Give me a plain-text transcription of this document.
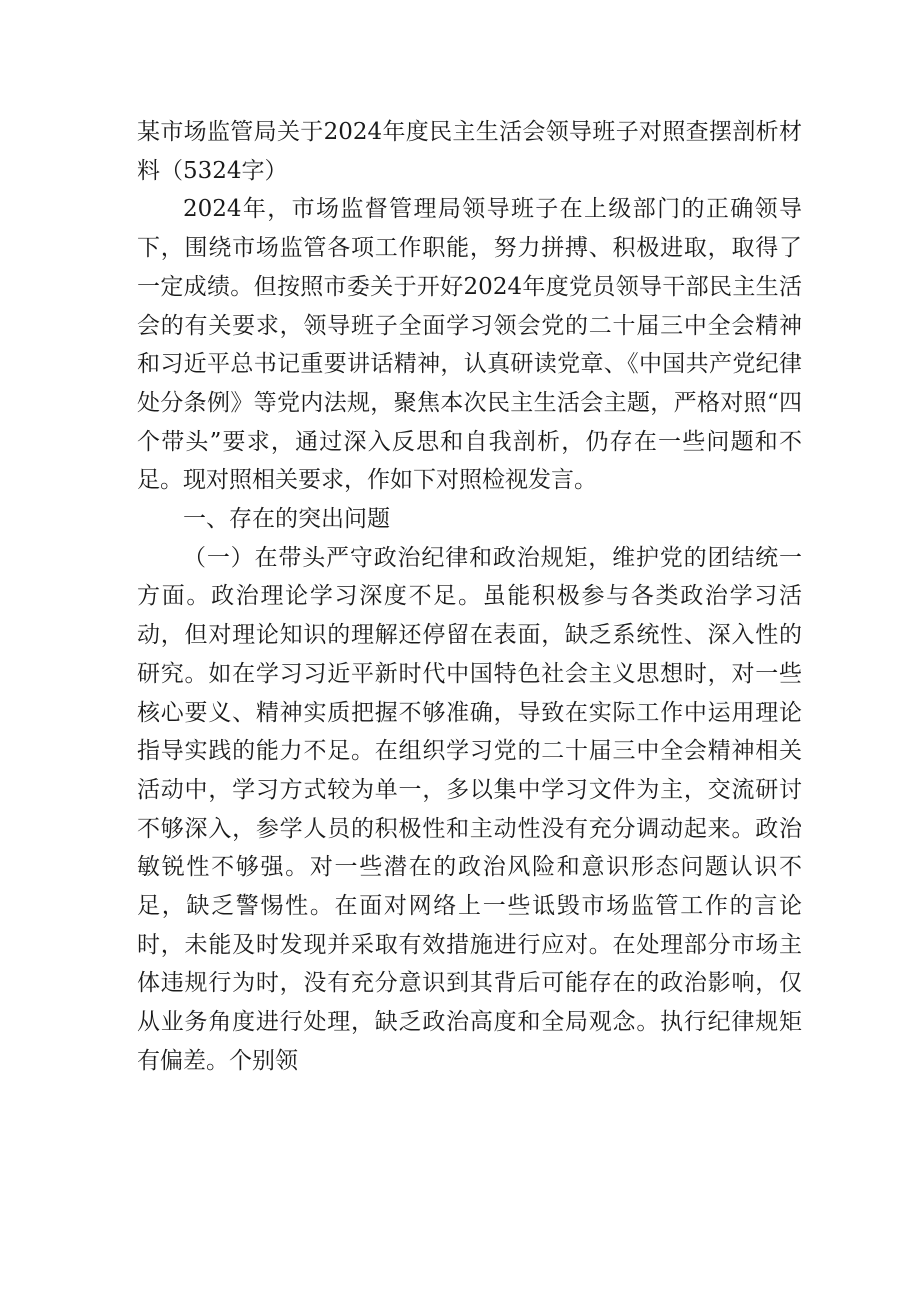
某市场监管局关于2024年度民主生活会领导班子对照查摆剖析材料（5324字）

2024年，市场监督管理局领导班子在上级部门的正确领导下，围绕市场监管各项工作职能，努力拼搏、积极进取，取得了一定成绩。但按照市委关于开好2024年度党员领导干部民主生活会的有关要求，领导班子全面学习领会党的二十届三中全会精神和习近平总书记重要讲话精神，认真研读党章、《中国共产党纪律处分条例》等党内法规，聚焦本次民主生活会主题，严格对照“四个带头”要求，通过深入反思和自我剖析，仍存在一些问题和不足。现对照相关要求，作如下对照检视发言。

一、存在的突出问题

（一）在带头严守政治纪律和政治规矩，维护党的团结统一方面。政治理论学习深度不足。虽能积极参与各类政治学习活动，但对理论知识的理解还停留在表面，缺乏系统性、深入性的研究。如在学习习近平新时代中国特色社会主义思想时，对一些核心要义、精神实质把握不够准确，导致在实际工作中运用理论指导实践的能力不足。在组织学习党的二十届三中全会精神相关活动中，学习方式较为单一，多以集中学习文件为主，交流研讨不够深入，参学人员的积极性和主动性没有充分调动起来。政治敏锐性不够强。对一些潜在的政治风险和意识形态问题认识不足，缺乏警惕性。在面对网络上一些诋毁市场监管工作的言论时，未能及时发现并采取有效措施进行应对。在处理部分市场主体违规行为时，没有充分意识到其背后可能存在的政治影响，仅从业务角度进行处理，缺乏政治高度和全局观念。执行纪律规矩有偏差。个别领
